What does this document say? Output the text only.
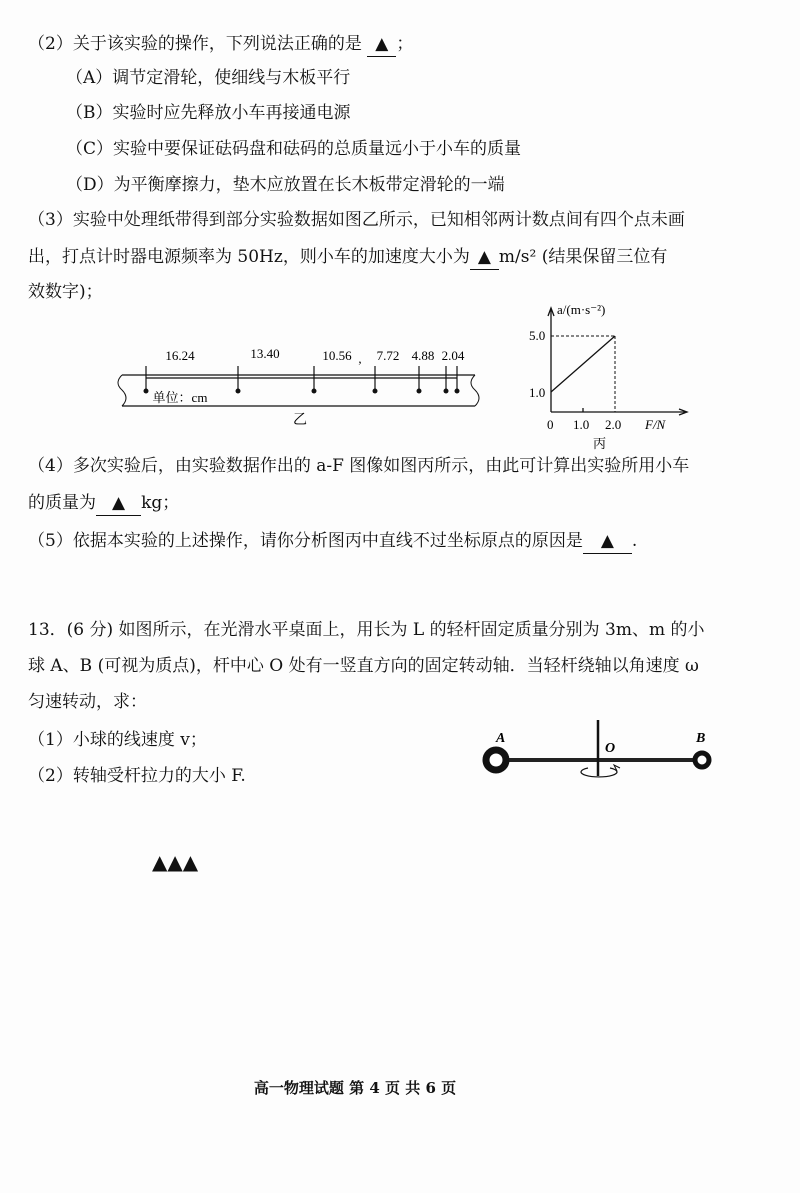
（2）关于该实验的操作，下列说法正确的是 ▲ ；
（A）调节定滑轮，使细线与木板平行
（B）实验时应先释放小车再接通电源
（C）实验中要保证砝码盘和砝码的总质量远小于小车的质量
（D）为平衡摩擦力，垫木应放置在长木板带定滑轮的一端
（3）实验中处理纸带得到部分实验数据如图乙所示，已知相邻两计数点间有四个点未画
出，打点计时器电源频率为 50Hz，则小车的加速度大小为 ▲ m/s² (结果保留三位有
效数字)；
16.24	13.40	10.56 , 7.72 4.88 2.04
单位：cm
乙
a/(m·s⁻²)
5.0
1.0
0 1.0 2.0 F/N
丙
（4）多次实验后，由实验数据作出的 a-F 图像如图丙所示，由此可计算出实验所用小车
的质量为 ▲ kg；
（5）依据本实验的上述操作，请你分析图丙中直线不过坐标原点的原因是 ▲ .
13．(6 分) 如图所示，在光滑水平桌面上，用长为 L 的轻杆固定质量分别为 3m、m 的小
球 A、B (可视为质点)，杆中心 O 处有一竖直方向的固定转动轴．当轻杆绕轴以角速度 ω
匀速转动，求：
（1）小球的线速度 v；
（2）转轴受杆拉力的大小 F.
A
O
B
▲▲▲
高一物理试题 第 4 页 共 6 页
